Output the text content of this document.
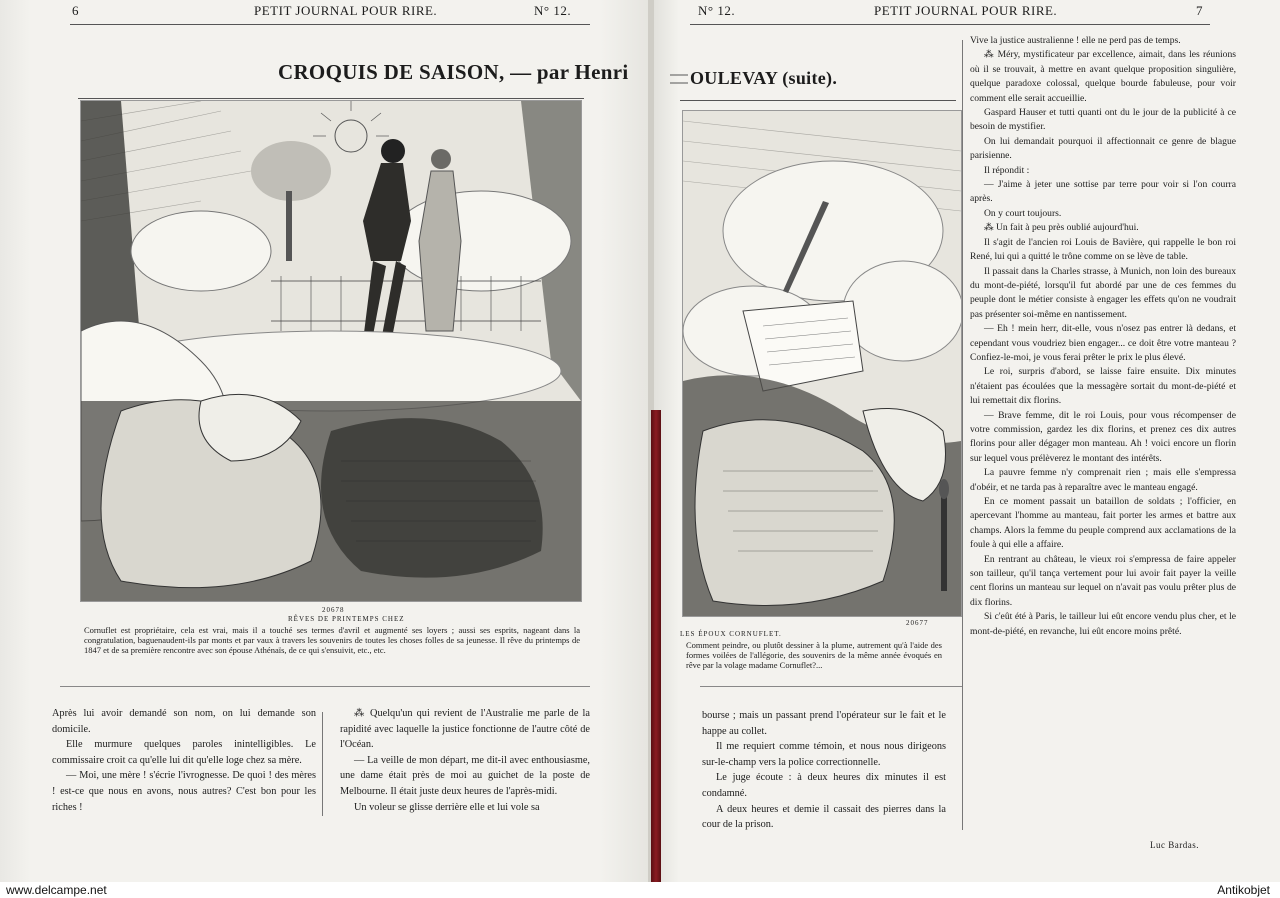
6	PETIT JOURNAL POUR RIRE.	N° 12.
CROQUIS DE SAISON, — par Henri
20678
RÊVES DE PRINTEMPS CHEZ
Cornuflet est propriétaire, cela est vrai, mais il a touché ses termes d'avril et augmenté ses loyers ; aussi ses esprits, nageant dans la congratulation, baguenaudent-ils par monts et par vaux à travers les souvenirs de toutes les choses folles de sa jeunesse. Il rêve du printemps de 1847 et de sa première rencontre avec son épouse Athénaïs, de ce qui s'ensuivit, etc., etc.

Après lui avoir demandé son nom, on lui demande son domicile.

Elle murmure quelques paroles inintelligibles. Le commissaire croit ca qu'elle lui dit qu'elle loge chez sa mère.

— Moi, une mère ! s'écrie l'ivrognesse. De quoi ! des mères ! est-ce que nous en avons, nous autres? C'est bon pour les riches !

⁂ Quelqu'un qui revient de l'Australie me parle de la rapidité avec laquelle la justice fonctionne de l'autre côté de l'Océan.

— La veille de mon départ, me dit-il avec enthousiasme, une dame était près de moi au guichet de la poste de Melbourne. Il était juste deux heures de l'après-midi.

Un voleur se glisse derrière elle et lui vole sa

N° 12.	PETIT JOURNAL POUR RIRE.	7
OULEVAY (suite).
LES ÉPOUX CORNUFLET.
20677
Comment peindre, ou plutôt dessiner à la plume, autrement qu'à l'aide des formes voilées de l'allégorie, des souvenirs de la même année évoqués en rêve par la volage madame Cornuflet?...

bourse ; mais un passant prend l'opérateur sur le fait et le happe au collet.

Il me requiert comme témoin, et nous nous dirigeons sur-le-champ vers la police correctionnelle.

Le juge écoute : à deux heures dix minutes il est condamné.

A deux heures et demie il cassait des pierres dans la cour de la prison.

Vive la justice australienne ! elle ne perd pas de temps.

⁂ Méry, mystificateur par excellence, aimait, dans les réunions où il se trouvait, à mettre en avant quelque proposition singulière, quelque paradoxe colossal, quelque bourde fabuleuse, pour voir comment elle serait accueillie.

Gaspard Hauser et tutti quanti ont du le jour de la publicité à ce besoin de mystifier.

On lui demandait pourquoi il affectionnait ce genre de blague parisienne.

Il répondit :

— J'aime à jeter une sottise par terre pour voir si l'on courra après.

On y court toujours.

⁂ Un fait à peu près oublié aujourd'hui.

Il s'agit de l'ancien roi Louis de Bavière, qui rappelle le bon roi René, lui qui a quitté le trône comme on se lève de table.

Il passait dans la Charles strasse, à Munich, non loin des bureaux du mont-de-piété, lorsqu'il fut abordé par une de ces femmes du peuple dont le métier consiste à engager les effets qu'on ne voudrait pas présenter soi-même en nantissement.

— Eh ! mein herr, dit-elle, vous n'osez pas entrer là dedans, et cependant vous voudriez bien engager... ce doit être votre manteau ? Confiez-le-moi, je vous ferai prêter le prix le plus élevé.

Le roi, surpris d'abord, se laisse faire ensuite. Dix minutes n'étaient pas écoulées que la messagère sortait du mont-de-piété et lui remettait dix florins.

— Brave femme, dit le roi Louis, pour vous récompenser de votre commission, gardez les dix florins, et prenez ces dix autres florins pour aller dégager mon manteau. Ah ! voici encore un florin sur lequel vous prélèverez le montant des intérêts.

La pauvre femme n'y comprenait rien ; mais elle s'empressa d'obéir, et ne tarda pas à reparaître avec le manteau engagé.

En ce moment passait un bataillon de soldats ; l'officier, en apercevant l'homme au manteau, fait porter les armes et battre aux champs. Alors la femme du peuple comprend aux acclamations de la foule à qui elle a affaire.

En rentrant au château, le vieux roi s'empressa de faire appeler son tailleur, qu'il tança vertement pour lui avoir fait payer la veille cent florins un manteau sur lequel on n'avait pas voulu prêter plus de dix florins.

Si c'eût été à Paris, le tailleur lui eût encore vendu plus cher, et le mont-de-piété, en revanche, lui eût encore moins prêté.

Luc Bardas.
www.delcampe.net	Antikobjet
